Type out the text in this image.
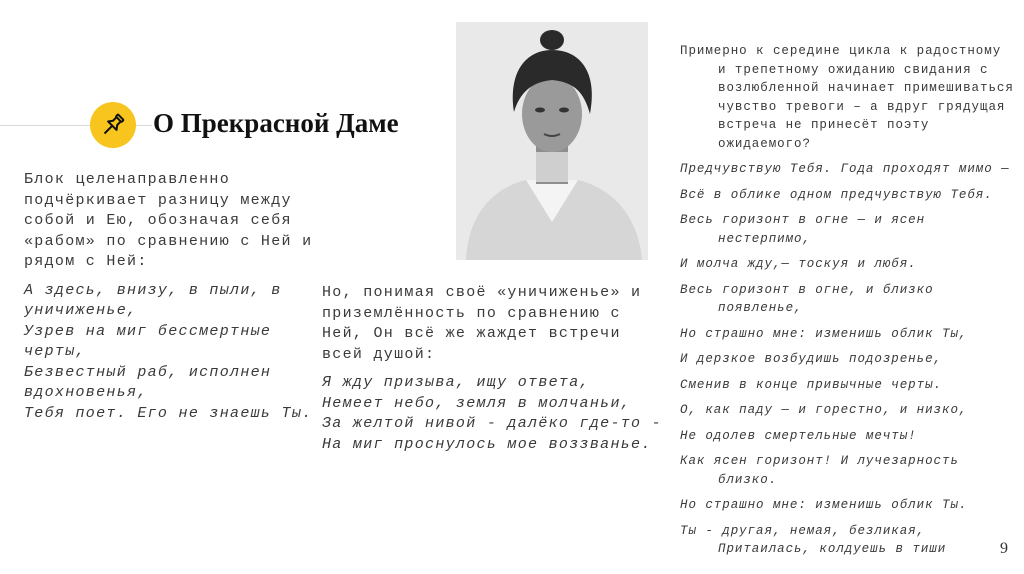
О Прекрасной Даме

Блок целенаправленно подчёркивает разницу между собой и Ею, обозначая себя «рабом» по сравнению с Ней и рядом с Ней:

А здесь, внизу, в пыли, в уничиженье,
Узрев на миг бессмертные черты,
Безвестный раб, исполнен вдохновенья,
Тебя поет. Его не знаешь Ты.

Но, понимая своё «уничиженье» и приземлённость по сравнению с Ней, Он всё же жаждет встречи всей душой:

Я жду призыва, ищу ответа,
Немеет небо, земля в молчаньи,
За желтой нивой - далёко где-то -
На миг проснулось мое воззванье.

Примерно к середине цикла к радостному и трепетному ожиданию свидания с возлюбленной начинает примешиваться чувство тревоги – а вдруг грядущая встреча не принесёт поэту ожидаемого?

Предчувствую Тебя. Года проходят мимо —

Всё в облике одном предчувствую Тебя.

Весь горизонт в огне — и ясен нестерпимо,

И молча жду,— тоскуя и любя.

Весь горизонт в огне, и близко появленье,

Но страшно мне: изменишь облик Ты,

И дерзкое возбудишь подозренье,

Сменив в конце привычные черты.

О, как паду — и горестно, и низко,

Не одолев смертельные мечты!

Как ясен горизонт! И лучезарность близко.

Но страшно мне: изменишь облик Ты.

Ты - другая, немая, безликая, Притаилась, колдуешь в тиши	9
